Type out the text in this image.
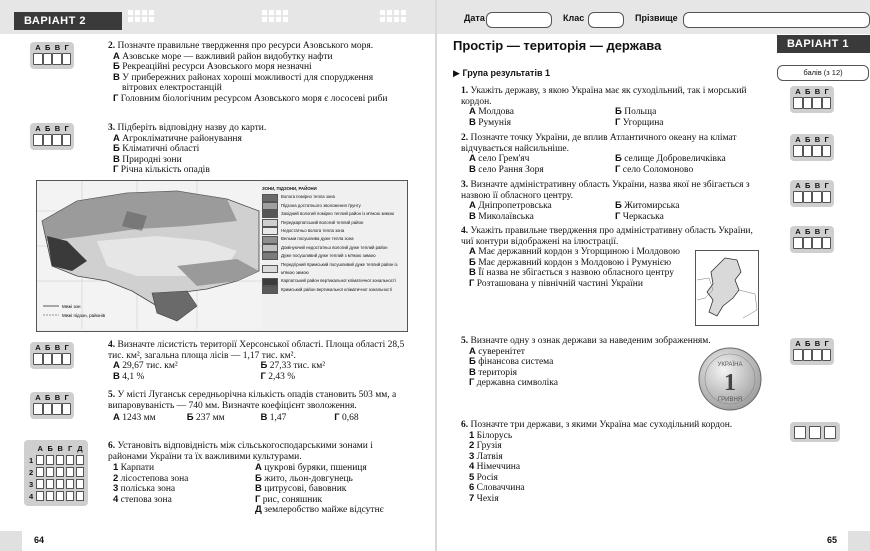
ВАРІАНТ 2
А Б В Г	2. Позначте правильне твердження про ресурси Азовського моря.
А Азовське море — важливий район видобутку нафти
Б Рекреаційні ресурси Азовського моря незначні
В У прибережних районах хороші можливості для спорудження вітрових електростанцій
Г Головним біологічним ресурсом Азовського моря є лососеві риби
А Б В Г	3. Підберіть відповідну назву до карти.
А Агрокліматичне районування
Б Кліматичні області
В Природні зони
Г Річна кількість опадів
Межі зон
Межі підзон, районів
ЗОНИ, ПІДЗОНИ, РАЙОНИ
Волога помірно тепла зона
Підзона достатнього зволоження ґрунту
Західний вологий помірно теплий район із м'якою зимою
Передкарпатський вологий теплий район
Недостатньо волога тепла зона
Вельми посушлива дуже тепла зона
Домінуючий недостатньо вологий дуже теплий район
Дуже посушливий дуже теплий з м'якою зимою
Передгірний Кримський посушливий дуже теплий район із м'якою зимою
Карпатський район вертикальної кліматичної зональності
Кримський район вертикальної кліматичної зональності
А Б В Г	4. Визначте лісистість території Херсонської області. Площа області 28,5 тис. км², загальна площа лісів — 1,17 тис. км².
А 29,67 тис. км²	Б 27,33 тис. км²
В 4,1 %	Г 2,43 %
А Б В Г	5. У місті Луганськ середньорічна кількість опадів становить 503 мм, а випаровуваність — 740 мм. Визначте коефіцієнт зволоження.
А 1243 мм	Б 237 мм	В 1,47	Г 0,68
	А	Б	В	Г	Д
1					
2					
3					
4					
6. Установіть відповідність між сільськогосподарськими зонами і районами України та їх важливими культурами.
1 Карпати
2 лісостепова зона
3 поліська зона
4 степова зона
А цукрові буряки, пшениця
Б жито, льон-довгунець
В цитрусові, бавовник
Г рис, соняшник
Д землеробство майже відсутнє
64
Дата	Клас	Прізвище
Простір — територія — держава	ВАРІАНТ 1
балів (з 12)
▶ Група результатів 1
1. Укажіть державу, з якою Україна має як суходільний, так і морський кордон.
А Молдова	Б Польща
В Румунія	Г Угорщина
А Б В Г
2. Позначте точку України, де вплив Атлантичного океану на клімат відчувається найсильніше.
А село Грем'яч	Б селище Добровеличківка
В село Рання Зоря	Г село Соломоново
А Б В Г
3. Визначте адміністративну область України, назва якої не збігається з назвою її обласного центру.
А Дніпропетровська	Б Житомирська
В Миколаївська	Г Черкаська
А Б В Г
4. Укажіть правильне твердження про адміністративну область України, чиї контури відображені на ілюстрації.
А Має державний кордон з Угорщиною і Молдовою
Б Має державний кордон з Молдовою і Румунією
В Її назва не збігається з назвою обласного центру
Г Розташована у північній частині України
А Б В Г
5. Визначте одну з ознак держави за наведеним зображенням.
А суверенітет
Б фінансова система
В територія
Г державна символіка
УКРАЇНА
1
ГРИВНЯ
А Б В Г
6. Позначте три держави, з якими Україна має суходільний кордон.
1 Білорусь
2 Грузія
3 Латвія
4 Німеччина
5 Росія
6 Словаччина
7 Чехія
65
